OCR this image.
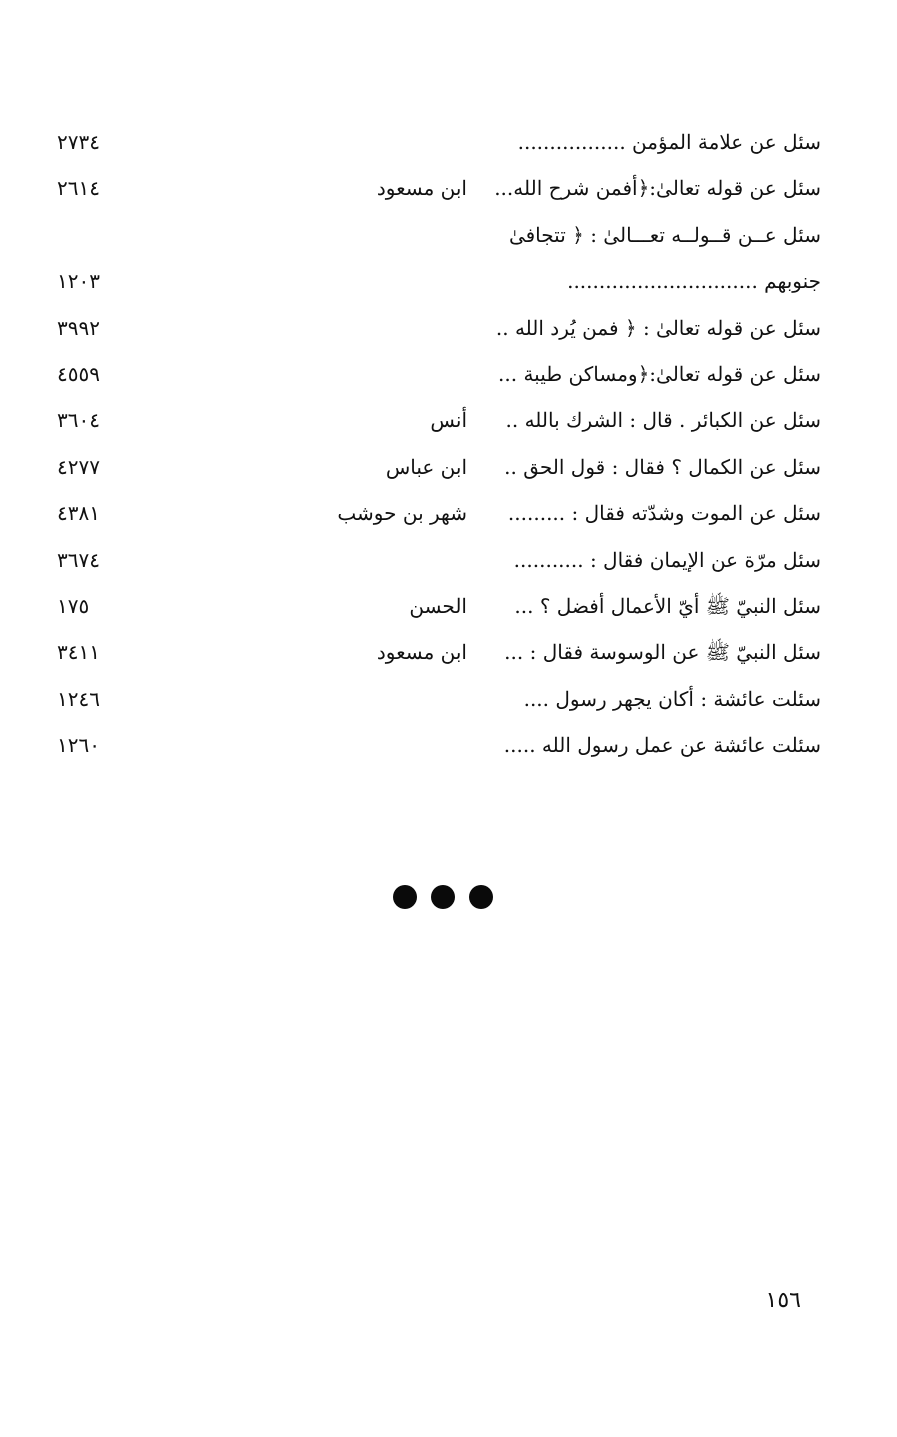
سئل عن علامة المؤمن .................
٢٧٣٤
سئل عن قوله تعالىٰ:﴿أفمن شرح الله...
ابن مسعود
٢٦١٤
سئل عــن قــولــه تعـــالىٰ : ﴿ تتجافىٰ
جنوبهم ..............................
١٢٠٣
سئل عن قوله تعالىٰ : ﴿ فمن يُرد الله ..
٣٩٩٢
سئل عن قوله تعالىٰ:﴿ومساكن طيبة ...
٤٥٥٩
سئل عن الكبائر . قال : الشرك بالله ..
أنس
٣٦٠٤
سئل عن الكمال ؟ فقال : قول الحق ..
ابن عباس
٤٢٧٧
سئل عن الموت وشدّته فقال : .........
شهر بن حوشب
٤٣٨١
سئل مرّة عن الإيمان فقال : ...........
٣٦٧٤
سئل النبيّ ﷺ أيّ الأعمال أفضل ؟ ...
الحسن
١٧٥
سئل النبيّ ﷺ عن الوسوسة فقال : ...
ابن مسعود
٣٤١١
سئلت عائشة : أكان يجهر رسول ....
١٢٤٦
سئلت عائشة عن عمل رسول الله .....
١٢٦٠
١٥٦
